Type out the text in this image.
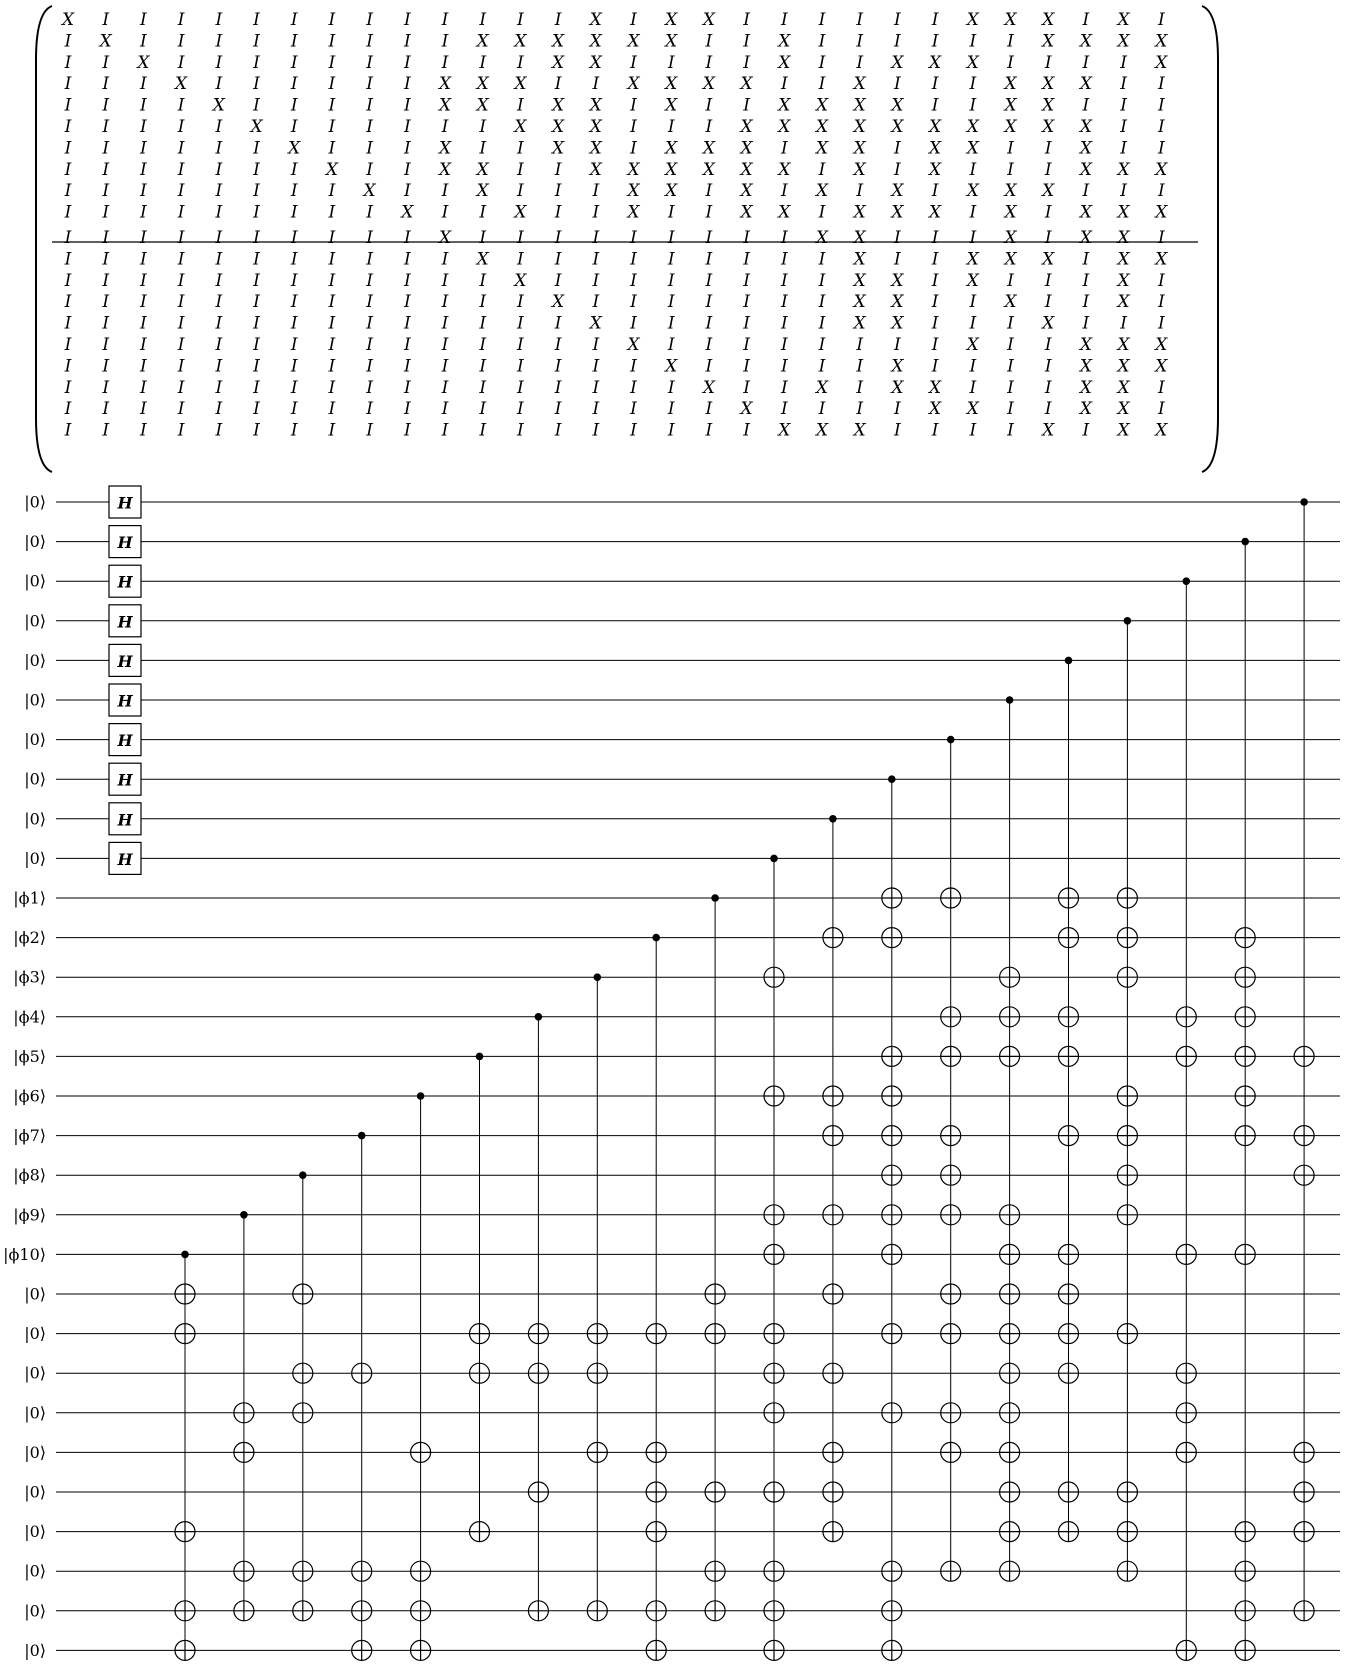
X I I I I I I I I I I I I I X I X X I I I I I I X X X I X I
I X I I I I I I I I I X X X X X X I I X I I I I I I X X X X
I I X I I I I I I I I I I X X I I I I X I I X X X I I I I X
I I I X I I I I I I X X X I I X X X X I I X I I I X X X I I
I I I I X I I I I I X X I X X I X I I X X X X I I X X I I I
I I I I I X I I I I I I X X X I I I X X X X X X X X X X I I
I I I I I I X I I I X I I X X I X X X I X X I X X I I X I I
I I I I I I I X I I X X I I X X X X X X I X I X I I I X X X
I I I I I I I I X I I X I I I X X I X I X I X I X X X I I I
I I I I I I I I I X I I X I I X I I X X I X X X I X I X X X
I I I I I I I I I I X I I I I I I I I I X X I I I X I X X I
I I I I I I I I I I I X I I I I I I I I I X I I X X X I X X
I I I I I I I I I I I I X I I I I I I I I X X I X I I I X I
I I I I I I I I I I I I I X I I I I I I I X X I I X I I X I
I I I I I I I I I I I I I I X I I I I I I X X I I I X I I I
I I I I I I I I I I I I I I I X I I I I I I I I X I I X X X
I I I I I I I I I I I I I I I I X I I I I I X I I I I X X X
I I I I I I I I I I I I I I I I I X I I X I X X I I I X X I
I I I I I I I I I I I I I I I I I I X I I I I X X I I X X I
I I I I I I I I I I I I I I I I I I I X X X I I I I X I X X
H
H
H
H
H
H
H
H
H
H
|0⟩
|0⟩
|0⟩
|0⟩
|0⟩
|0⟩
|0⟩
|0⟩
|0⟩
|0⟩
|ϕ1⟩
|ϕ2⟩
|ϕ3⟩
|ϕ4⟩
|ϕ5⟩
|ϕ6⟩
|ϕ7⟩
|ϕ8⟩
|ϕ9⟩
|ϕ10⟩
|0⟩
|0⟩
|0⟩
|0⟩
|0⟩
|0⟩
|0⟩
|0⟩
|0⟩
|0⟩
